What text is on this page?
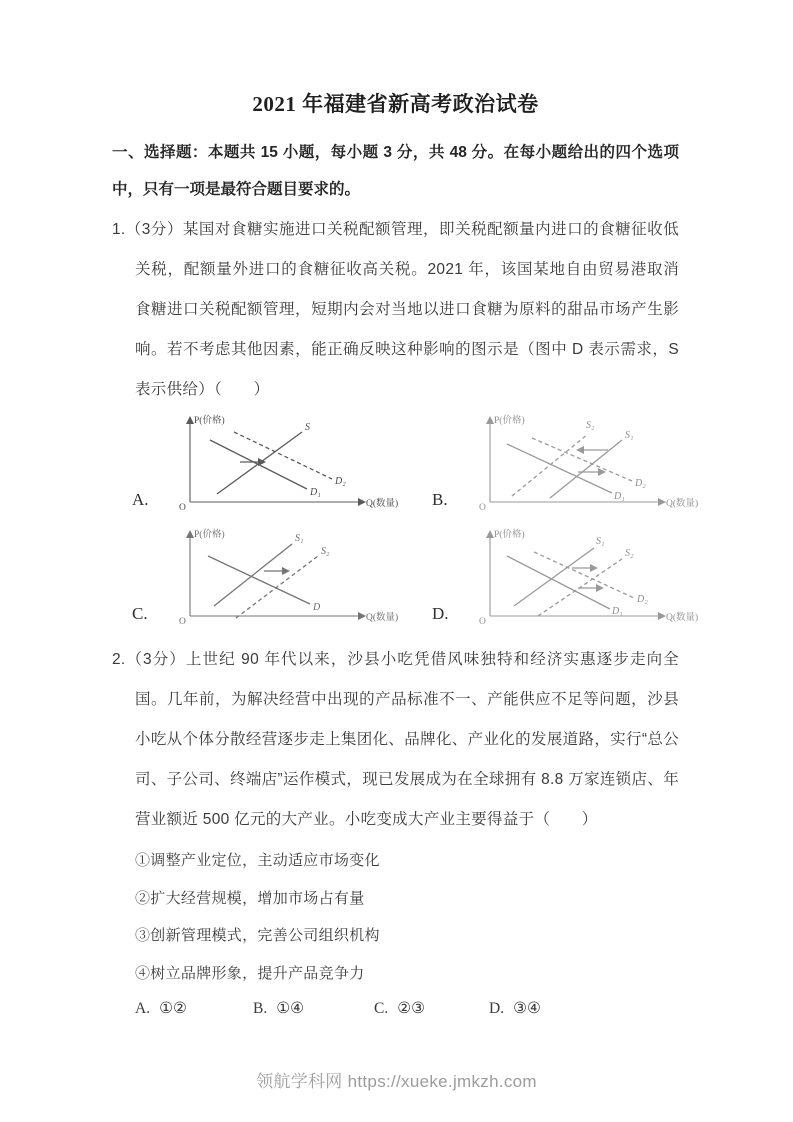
2021 年福建省新高考政治试卷

一、选择题：本题共 15 小题，每小题 3 分，共 48 分。在每小题给出的四个选项中，只有一项是最符合题目要求的。

1.（3分）某国对食糖实施进口关税配额管理，即关税配额量内进口的食糖征收低关税，配额量外进口的食糖征收高关税。2021 年，该国某地自由贸易港取消食糖进口关税配额管理，短期内会对当地以进口食糖为原料的甜品市场产生影响。若不考虑其他因素，能正确反映这种影响的图示是（图中 D 表示需求，S 表示供给）（　　）

A.
P(价格)
O	Q(数量)
S
D₁
D₂
B.
P(价格)
O	Q(数量)
S₂
S₁
D₁
D₂
C.
P(价格)
O	Q(数量)
S₁
S₂
D	D.
P(价格)
O	Q(数量)
S₁
S₂
D₁
D₂

2.（3分）上世纪 90 年代以来，沙县小吃凭借风味独特和经济实惠逐步走向全国。几年前，为解决经营中出现的产品标准不一、产能供应不足等问题，沙县小吃从个体分散经营逐步走上集团化、品牌化、产业化的发展道路，实行“总公司、子公司、终端店”运作模式，现已发展成为在全球拥有 8.8 万家连锁店、年营业额近 500 亿元的大产业。小吃变成大产业主要得益于（　　）

①调整产业定位，主动适应市场变化
②扩大经营规模，增加市场占有量
③创新管理模式，完善公司组织机构
④树立品牌形象，提升产品竞争力
A. ①②	B. ①④	C. ②③	D. ③④
领航学科网 https://xueke.jmkzh.com
